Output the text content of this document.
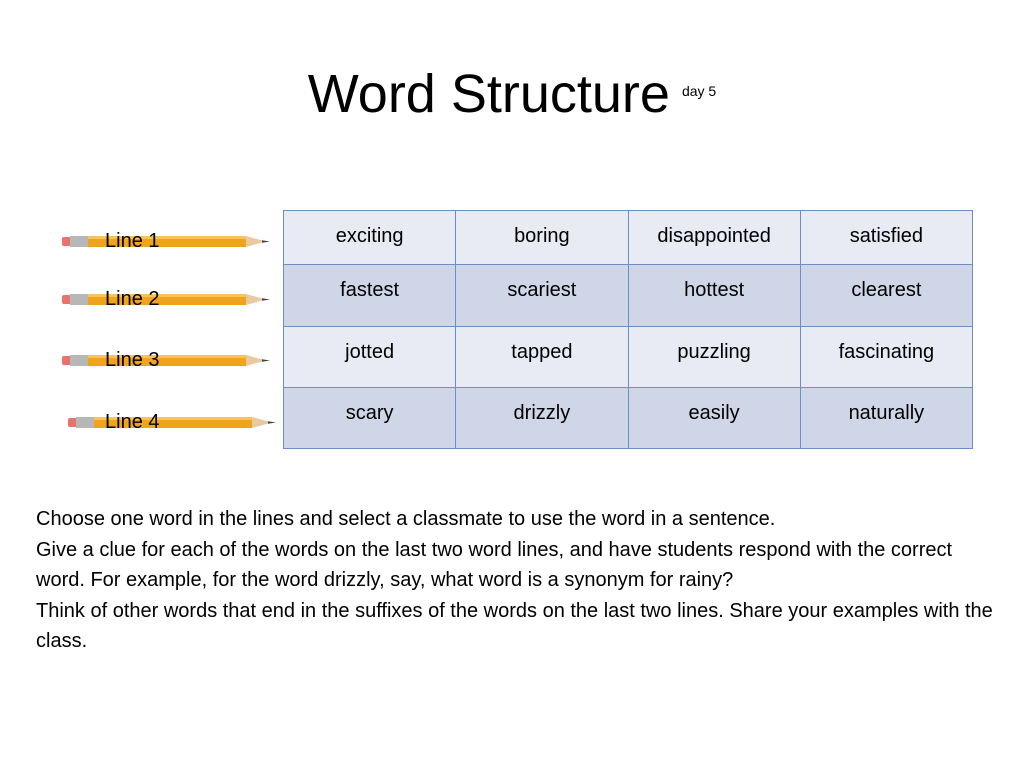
Word Structure day 5
Line 1
Line 2
Line 3
Line 4
exciting	boring	disappointed	satisfied
fastest	scariest	hottest	clearest
jotted	tapped	puzzling	fascinating
scary	drizzly	easily	naturally

Choose one word in the lines and select a classmate to use the word in a sentence.

Give a clue for each of the words on the last two word lines, and have students respond with the correct word. For example, for the word drizzly, say, what word is a synonym for rainy?

Think of other words that end in the suffixes of the words on the last two lines. Share your examples with the class.
